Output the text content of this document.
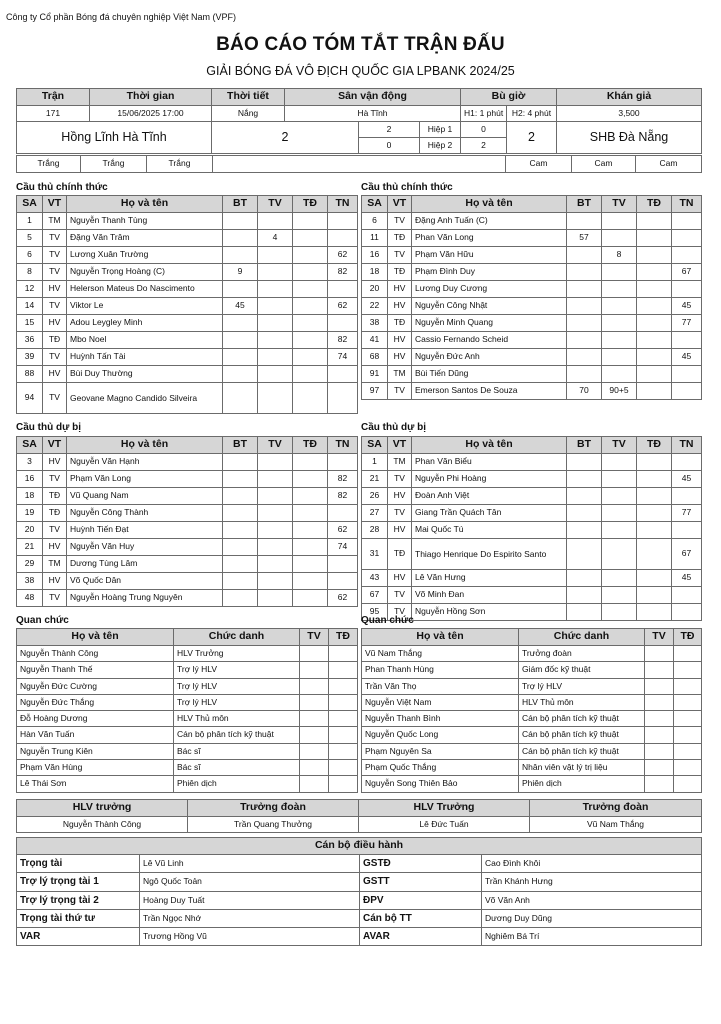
Công ty Cổ phần Bóng đá chuyên nghiệp Việt Nam (VPF)
BÁO CÁO TÓM TẮT TRẬN ĐẤU
GIẢI BÓNG ĐÁ VÔ ĐỊCH QUỐC GIA LPBANK 2024/25
Trận	Thời gian	Thời tiết	Sân vận động			Bù giờ		Khán giả
171	15/06/2025 17:00	Nắng	Hà Tĩnh			H1: 1 phút	H2: 4 phút	3,500
Hồng Lĩnh Hà Tĩnh		2		2	Hiệp 1	0	2	SHB Đà Nẵng
				0	Hiệp 2	2		
Trắng	Trắng	Trắng		Cam	Cam	Cam
Cầu thủ chính thức	Cầu thủ chính thức
SA	VT	Họ và tên	BT	TV	TĐ	TN
1	TM	Nguyễn Thanh Tùng				
5	TV	Đặng Văn Trâm		4		
6	TV	Lương Xuân Trường				62
8	TV	Nguyễn Trọng Hoàng (C)	9			82
12	HV	Helerson Mateus Do Nascimento				
14	TV	Viktor Le	45			62
15	HV	Adou Leygley Minh				
36	TĐ	Mbo Noel				82
39	TV	Huỳnh Tấn Tài				74
88	HV	Bùi Duy Thường				
94	TV	Geovane Magno Candido Silveira				
SA	VT	Họ và tên	BT	TV	TĐ	TN
6	TV	Đặng Anh Tuấn (C)				
11	TĐ	Phan Văn Long	57			
16	TV	Phạm Văn Hữu		8		
18	TĐ	Phạm Đình Duy				67
20	HV	Lương Duy Cương				
22	HV	Nguyễn Công Nhật				45
38	TĐ	Nguyễn Minh Quang				77
41	HV	Cassio Fernando Scheid				
68	HV	Nguyễn Đức Anh				45
91	TM	Bùi Tiến Dũng				
97	TV	Emerson Santos De Souza	70	90+5		
Cầu thủ dự bị	Cầu thủ dự bị
SA	VT	Họ và tên	BT	TV	TĐ	TN
3	HV	Nguyễn Văn Hạnh				
16	TV	Phạm Văn Long				82
18	TĐ	Vũ Quang Nam				82
19	TĐ	Nguyễn Công Thành				
20	TV	Huỳnh Tiến Đạt				62
21	HV	Nguyễn Văn Huy				74
29	TM	Dương Tùng Lâm				
38	HV	Võ Quốc Dân				
48	TV	Nguyễn Hoàng Trung Nguyên				62
SA	VT	Họ và tên	BT	TV	TĐ	TN
1	TM	Phan Văn Biểu				
21	TV	Nguyễn Phi Hoàng				45
26	HV	Đoàn Anh Việt				
27	TV	Giang Trần Quách Tân				77
28	HV	Mai Quốc Tú				
31	TĐ	Thiago Henrique Do Espirito Santo				67
43	HV	Lê Văn Hưng				45
67	TV	Võ Minh Đan				
95	TV	Nguyễn Hồng Sơn				
Quan chức	Quan chức
Họ và tên	Chức danh	TV	TĐ
Nguyễn Thành Công	HLV Trưởng		
Nguyễn Thanh Thế	Trợ lý HLV		
Nguyễn Đức Cường	Trợ lý HLV		
Nguyễn Đức Thắng	Trợ lý HLV		
Đỗ Hoàng Dương	HLV Thủ môn		
Hàn Văn Tuấn	Cán bộ phân tích kỹ thuật		
Nguyễn Trung Kiên	Bác sĩ		
Phạm Văn Hùng	Bác sĩ		
Lê Thái Sơn	Phiên dịch		
Họ và tên	Chức danh	TV	TĐ
Vũ Nam Thắng	Trưởng đoàn		
Phan Thanh Hùng	Giám đốc kỹ thuật		
Trần Văn Thọ	Trợ lý HLV		
Nguyễn Việt Nam	HLV Thủ môn		
Nguyễn Thanh Bình	Cán bộ phân tích kỹ thuật		
Nguyễn Quốc Long	Cán bộ phân tích kỹ thuật		
Phạm Nguyên Sa	Cán bộ phân tích kỹ thuật		
Phạm Quốc Thắng	Nhân viên vật lý trị liệu		
Nguyễn Song Thiên Bảo	Phiên dịch		
HLV trưởng	Trưởng đoàn	HLV Trưởng	Trưởng đoàn
Nguyễn Thành Công	Trần Quang Thưởng	Lê Đức Tuấn	Vũ Nam Thắng
Cán bộ điều hành			
Trọng tài	Lê Vũ Linh	GSTĐ	Cao Đình Khôi
Trợ lý trọng tài 1	Ngô Quốc Toản	GSTT	Trần Khánh Hưng
Trợ lý trọng tài 2	Hoàng Duy Tuất	ĐPV	Võ Văn Anh
Trọng tài thứ tư	Trần Ngọc Nhớ	Cán bộ TT	Dương Duy Dũng
VAR	Trương Hồng Vũ	AVAR	Nghiêm Bá Trí
